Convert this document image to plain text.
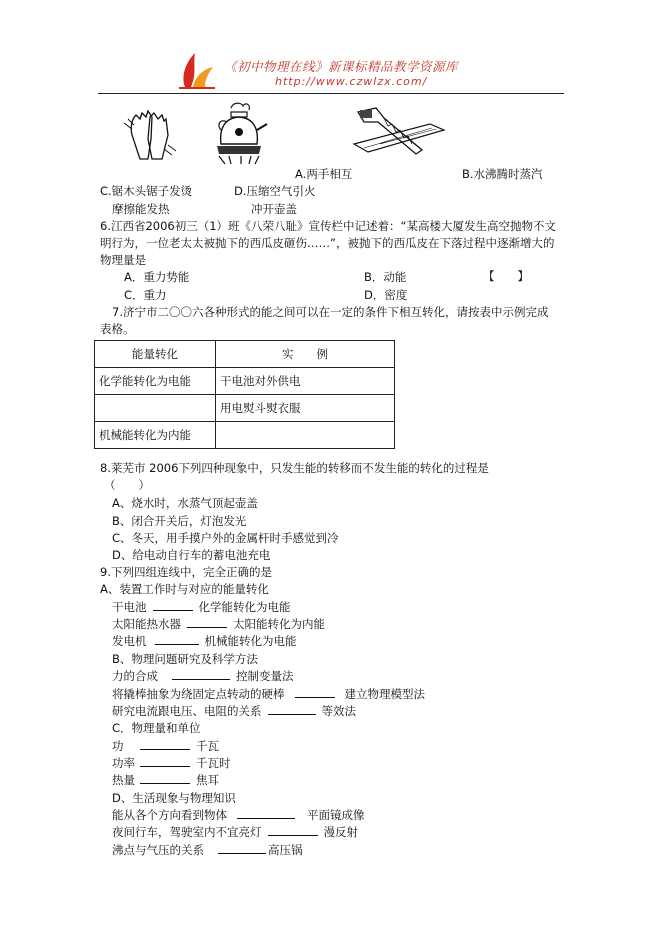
《初中物理在线》新课标精品教学资源库
http://www.czwlzx.com/
A.两手相互	B.水沸腾时蒸汽
C.锯木头锯子发烫	D.压缩空气引火
摩擦能发热	冲开壶盖
6.江西省2006初三（1）班《八荣八耻》宣传栏中记述着：“某高楼大厦发生高空抛物不文
明行为，一位老太太被抛下的西瓜皮砸伤……”，被抛下的西瓜皮在下落过程中逐渐增大的
物理量是
A．重力势能	B．动能	【　　】
C．重力	D．密度
7.济宁市二〇〇六各种形式的能之间可以在一定的条件下相互转化，请按表中示例完成
表格。
能量转化	实　　例
化学能转化为电能	干电池对外供电
	用电熨斗熨衣服
机械能转化为内能	
8.莱芜市 2006下列四种现象中，只发生能的转移而不发生能的转化的过程是
（　　）
A、烧水时，水蒸气顶起壶盖
B、闭合开关后，灯泡发光
C、冬天，用手摸户外的金属杆时手感觉到冷
D、给电动自行车的蓄电池充电
9.下列四组连线中，完全正确的是
A、装置工作时与对应的能量转化
干电池	化学能转化为电能
太阳能热水器	太阳能转化为内能
发电机	机械能转化为电能
B、物理问题研究及科学方法
力的合成	控制变量法
将撬棒抽象为绕固定点转动的硬棒	建立物理模型法
研究电流跟电压、电阻的关系	等效法
C．物理量和单位
功	千瓦
功率	千瓦时
热量	焦耳
D、生活现象与物理知识
能从各个方向看到物体	平面镜成像
夜间行车，驾驶室内不宜亮灯	漫反射
沸点与气压的关系	高压锅
